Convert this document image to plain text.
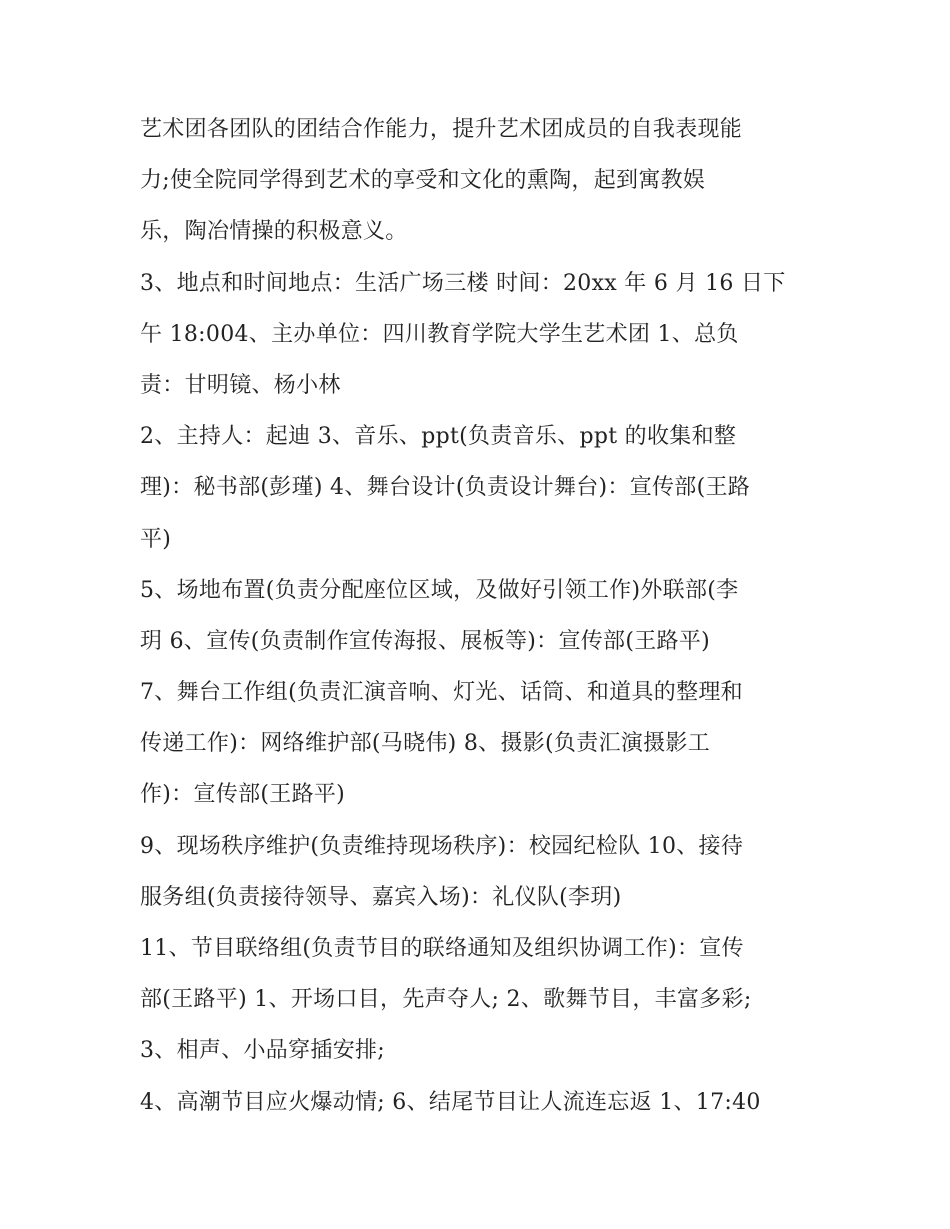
艺术团各团队的团结合作能力，提升艺术团成员的自我表现能
力;使全院同学得到艺术的享受和文化的熏陶，起到寓教娱
乐，陶冶情操的积极意义。
3、地点和时间地点：生活广场三楼 时间：20xx 年 6 月 16 日下
午 18:004、主办单位：四川教育学院大学生艺术团 1、总负
责：甘明镜、杨小林
2、主持人：起迪 3、音乐、ppt(负责音乐、ppt 的收集和整
理)：秘书部(彭瑾) 4、舞台设计(负责设计舞台)：宣传部(王路
平)
5、场地布置(负责分配座位区域，及做好引领工作)外联部(李
玥 6、宣传(负责制作宣传海报、展板等)：宣传部(王路平)
7、舞台工作组(负责汇演音响、灯光、话筒、和道具的整理和
传递工作)：网络维护部(马晓伟) 8、摄影(负责汇演摄影工
作)：宣传部(王路平)
9、现场秩序维护(负责维持现场秩序)：校园纪检队 10、接待
服务组(负责接待领导、嘉宾入场)：礼仪队(李玥)
11、节目联络组(负责节目的联络通知及组织协调工作)：宣传
部(王路平) 1、开场口目，先声夺人; 2、歌舞节目，丰富多彩;
3、相声、小品穿插安排;
4、高潮节目应火爆动情; 6、结尾节目让人流连忘返 1、17:40
